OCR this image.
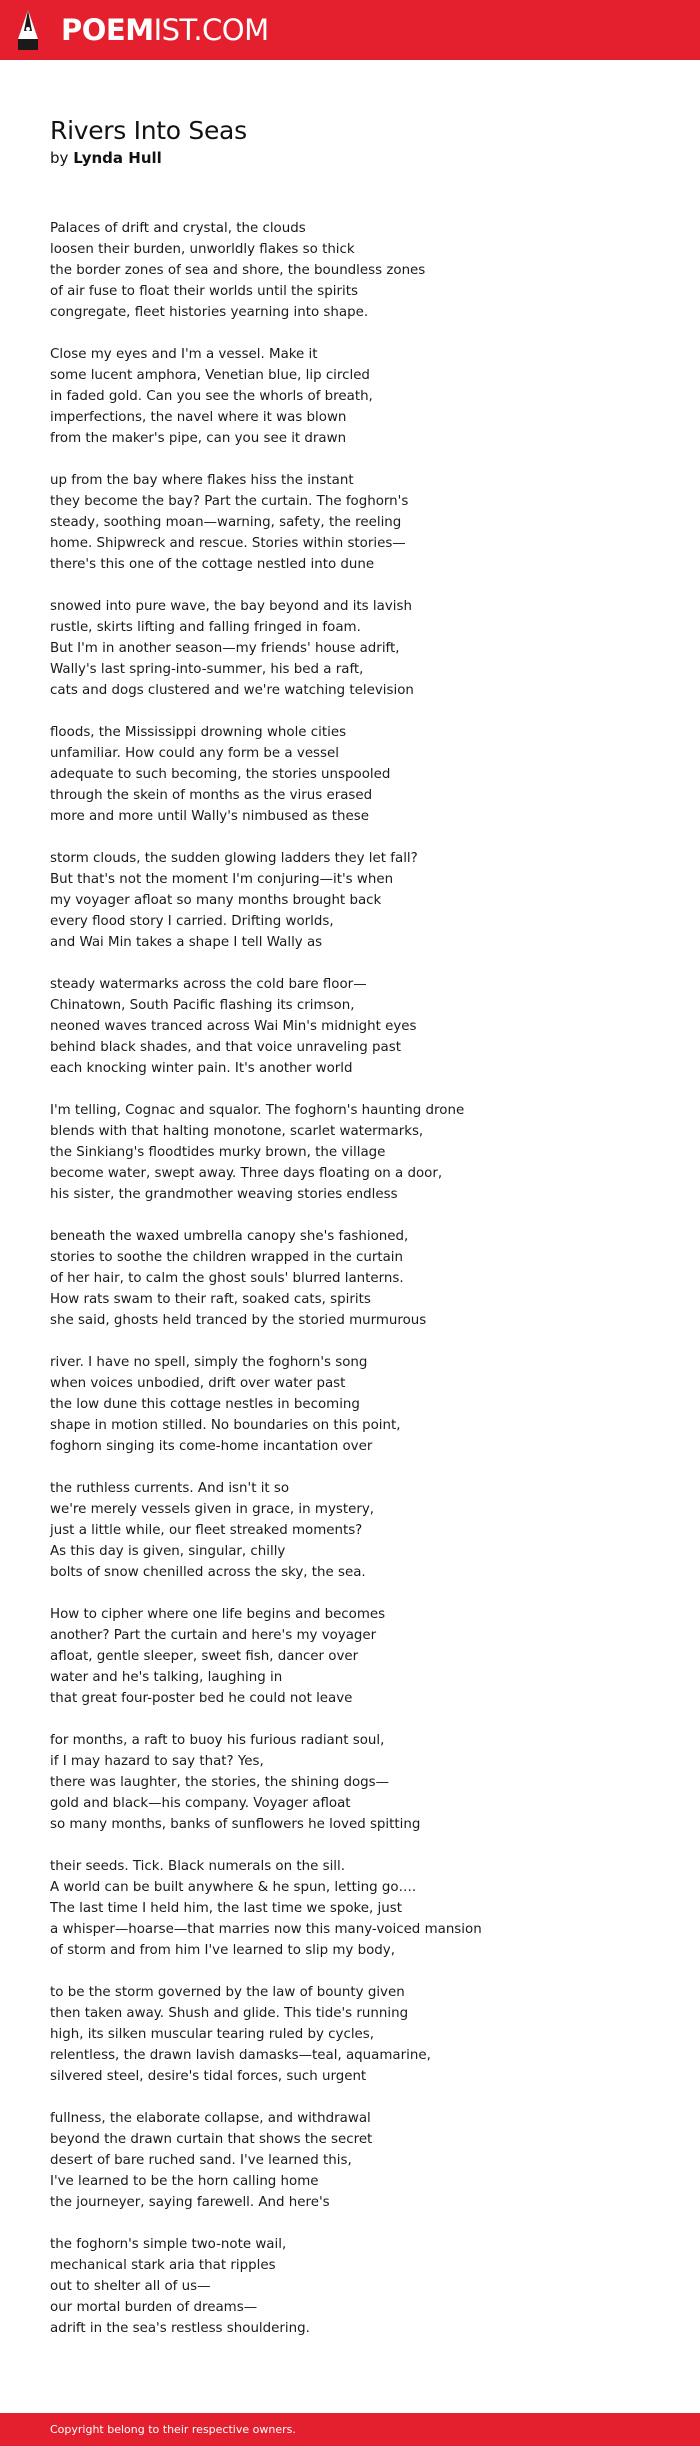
POEMIST.COM
Rivers Into Seas
by Lynda Hull
Palaces of drift and crystal, the clouds
loosen their burden, unworldly flakes so thick
the border zones of sea and shore, the boundless zones
of air fuse to float their worlds until the spirits
congregate, fleet histories yearning into shape.
Close my eyes and I'm a vessel. Make it
some lucent amphora, Venetian blue, lip circled
in faded gold. Can you see the whorls of breath,
imperfections, the navel where it was blown
from the maker's pipe, can you see it drawn
up from the bay where flakes hiss the instant
they become the bay? Part the curtain. The foghorn's
steady, soothing moan—warning, safety, the reeling
home. Shipwreck and rescue. Stories within stories—
there's this one of the cottage nestled into dune
snowed into pure wave, the bay beyond and its lavish
rustle, skirts lifting and falling fringed in foam.
But I'm in another season—my friends' house adrift,
Wally's last spring-into-summer, his bed a raft,
cats and dogs clustered and we're watching television
floods, the Mississippi drowning whole cities
unfamiliar. How could any form be a vessel
adequate to such becoming, the stories unspooled
through the skein of months as the virus erased
more and more until Wally's nimbused as these
storm clouds, the sudden glowing ladders they let fall?
But that's not the moment I'm conjuring—it's when
my voyager afloat so many months brought back
every flood story I carried. Drifting worlds,
and Wai Min takes a shape I tell Wally as
steady watermarks across the cold bare floor—
Chinatown, South Pacific flashing its crimson,
neoned waves tranced across Wai Min's midnight eyes
behind black shades, and that voice unraveling past
each knocking winter pain. It's another world
I'm telling, Cognac and squalor. The foghorn's haunting drone
blends with that halting monotone, scarlet watermarks,
the Sinkiang's floodtides murky brown, the village
become water, swept away. Three days floating on a door,
his sister, the grandmother weaving stories endless
beneath the waxed umbrella canopy she's fashioned,
stories to soothe the children wrapped in the curtain
of her hair, to calm the ghost souls' blurred lanterns.
How rats swam to their raft, soaked cats, spirits
she said, ghosts held tranced by the storied murmurous
river. I have no spell, simply the foghorn's song
when voices unbodied, drift over water past
the low dune this cottage nestles in becoming
shape in motion stilled. No boundaries on this point,
foghorn singing its come-home incantation over
the ruthless currents. And isn't it so
we're merely vessels given in grace, in mystery,
just a little while, our fleet streaked moments?
As this day is given, singular, chilly
bolts of snow chenilled across the sky, the sea.
How to cipher where one life begins and becomes
another? Part the curtain and here's my voyager
afloat, gentle sleeper, sweet fish, dancer over
water and he's talking, laughing in
that great four-poster bed he could not leave
for months, a raft to buoy his furious radiant soul,
if I may hazard to say that? Yes,
there was laughter, the stories, the shining dogs—
gold and black—his company. Voyager afloat
so many months, banks of sunflowers he loved spitting
their seeds. Tick. Black numerals on the sill.
A world can be built anywhere & he spun, letting go….
The last time I held him, the last time we spoke, just
a whisper—hoarse—that marries now this many-voiced mansion
of storm and from him I've learned to slip my body,
to be the storm governed by the law of bounty given
then taken away. Shush and glide. This tide's running
high, its silken muscular tearing ruled by cycles,
relentless, the drawn lavish damasks—teal, aquamarine,
silvered steel, desire's tidal forces, such urgent
fullness, the elaborate collapse, and withdrawal
beyond the drawn curtain that shows the secret
desert of bare ruched sand. I've learned this,
I've learned to be the horn calling home
the journeyer, saying farewell. And here's
the foghorn's simple two-note wail,
mechanical stark aria that ripples
out to shelter all of us—
our mortal burden of dreams—
adrift in the sea's restless shouldering.
Copyright belong to their respective owners.
